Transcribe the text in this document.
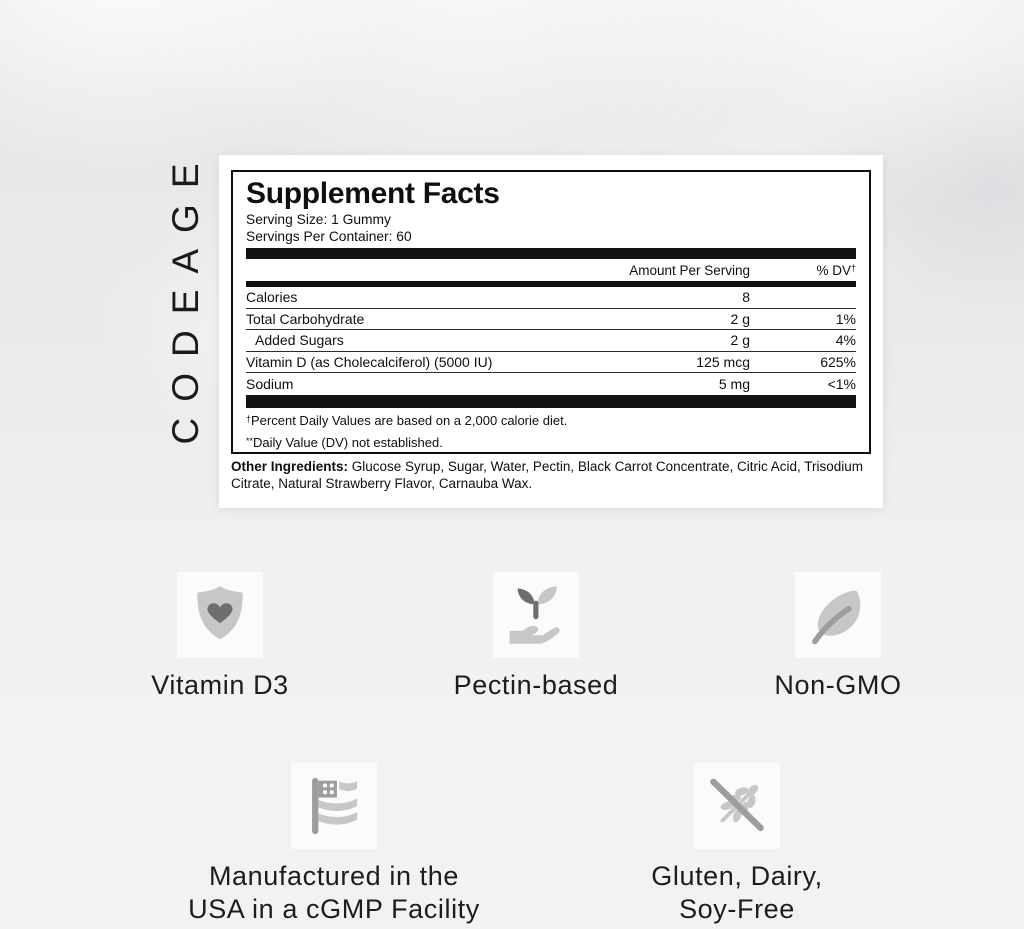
CODEAGE Supplement Facts
Serving Size: 1 Gummy
Servings Per Container: 60
Amount Per Serving	% DV†
Calories	8
Total Carbohydrate	2 g	1%
Added Sugars	2 g	4%
Vitamin D (as Cholecalciferol) (5000 IU)	125 mcg	625%
Sodium	5 mg	<1%
†Percent Daily Values are based on a 2,000 calorie diet.
**Daily Value (DV) not established.
Other Ingredients: Glucose Syrup, Sugar, Water, Pectin, Black Carrot Concentrate, Citric Acid, Trisodium Citrate, Natural Strawberry Flavor, Carnauba Wax.
Vitamin D3	Pectin-based	Non-GMO
Manufactured in the
USA in a cGMP Facility
Gluten, Dairy,
Soy-Free
